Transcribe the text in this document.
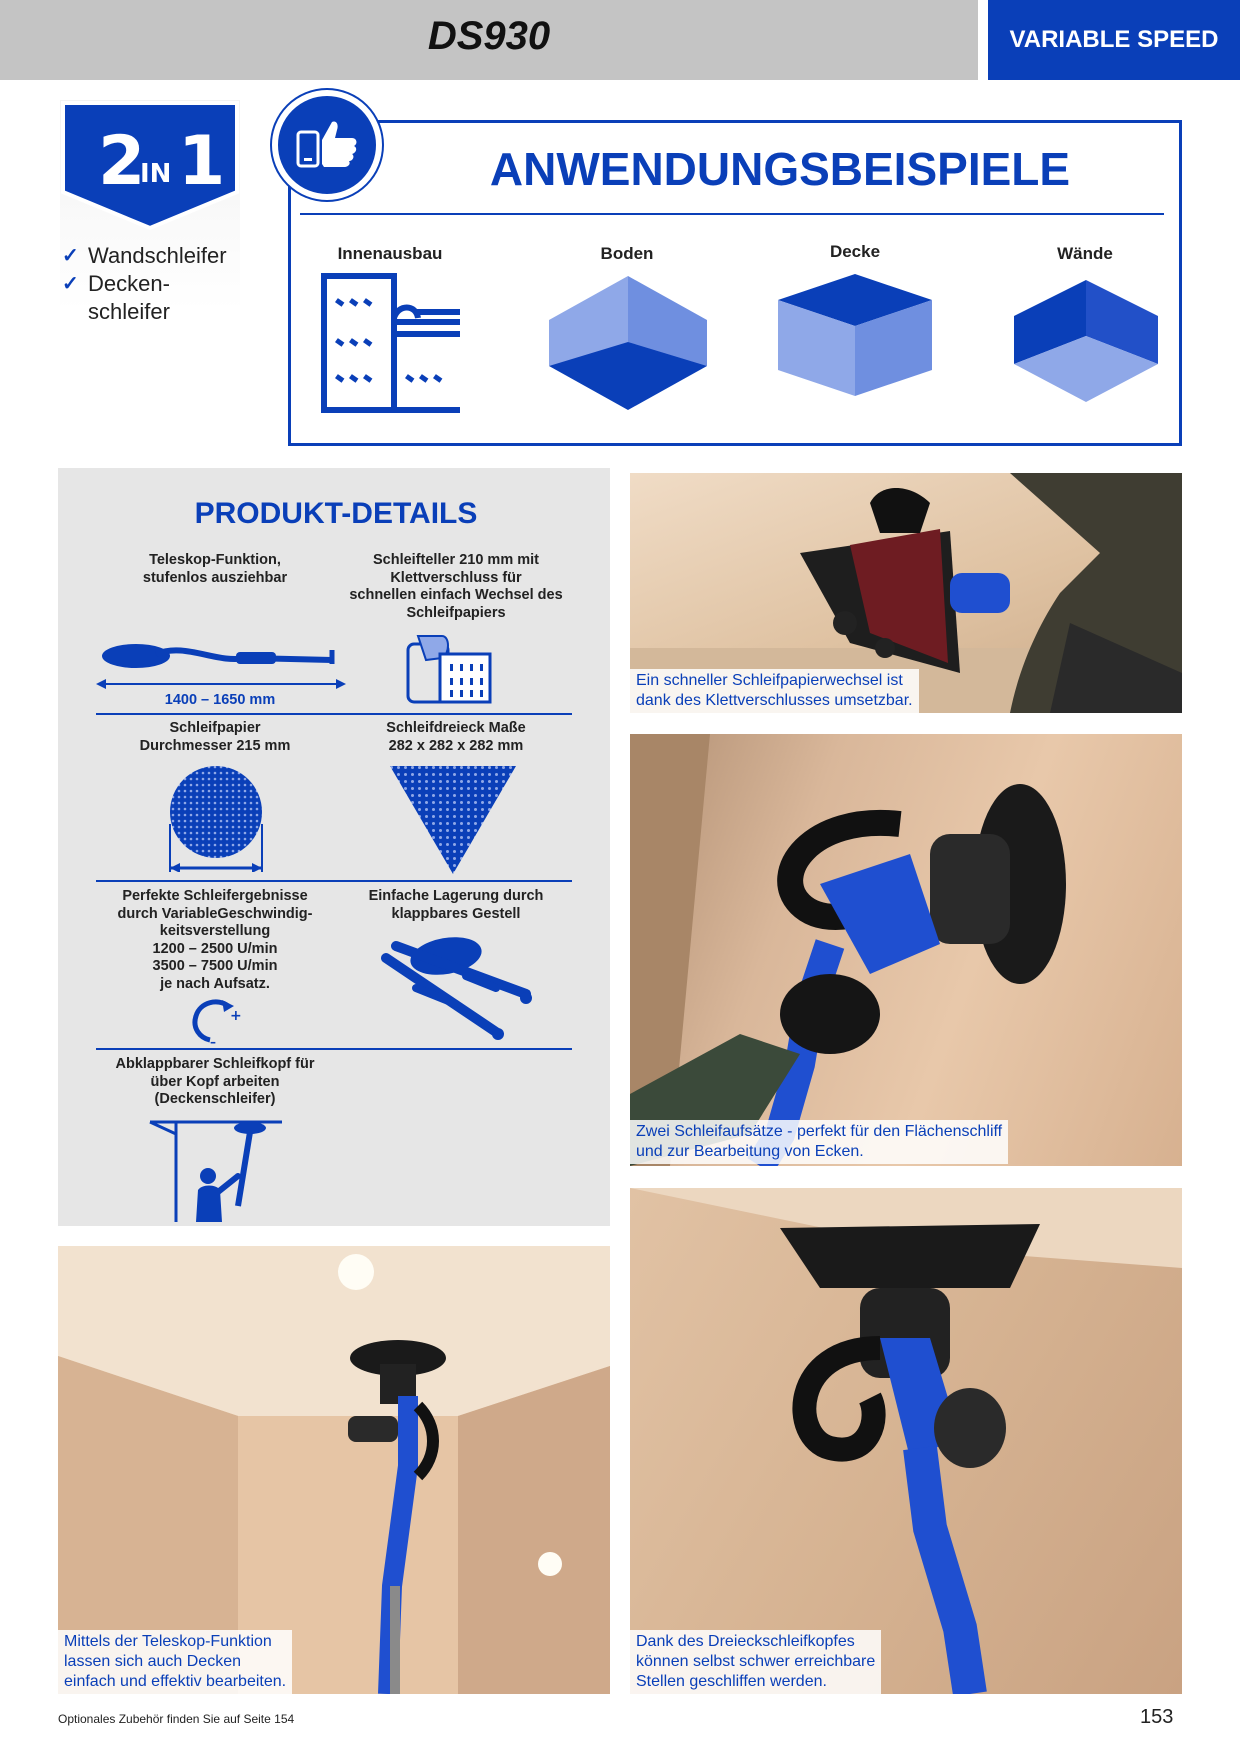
DS930	VARIABLE SPEED
2
IN 1
✓ Wandschleifer
✓ Decken-
schleifer
ANWENDUNGSBEISPIELE
Innenausbau	Boden	Decke	Wände
PRODUKT-DETAILS
Teleskop-Funktion,
stufenlos ausziehbar
1400 – 1650 mm
Schleifteller 210 mm mit
Klettverschluss für
schnellen einfach Wechsel des
Schleifpapiers
Schleifpapier
Durchmesser 215 mm
Schleifdreieck Maße
282 x 282 x 282 mm
Perfekte Schleifergebnisse
durch VariableGeschwindig-
keitsverstellung
1200 – 2500 U/min
3500 – 7500 U/min
je nach Aufsatz.
+
–
Einfache Lagerung durch
klappbares Gestell
Abklappbarer Schleifkopf für
über Kopf arbeiten
(Deckenschleifer)
Ein schneller Schleifpapierwechsel ist
dank des Klettverschlusses umsetzbar.
Zwei Schleifaufsätze - perfekt für den Flächenschliff
und zur Bearbeitung von Ecken.
Mittels der Teleskop-Funktion
lassen sich auch Decken
einfach und effektiv bearbeiten.
Dank des Dreieckschleifkopfes
können selbst schwer erreichbare
Stellen geschliffen werden.
Optionales Zubehör finden Sie auf Seite 154	153
